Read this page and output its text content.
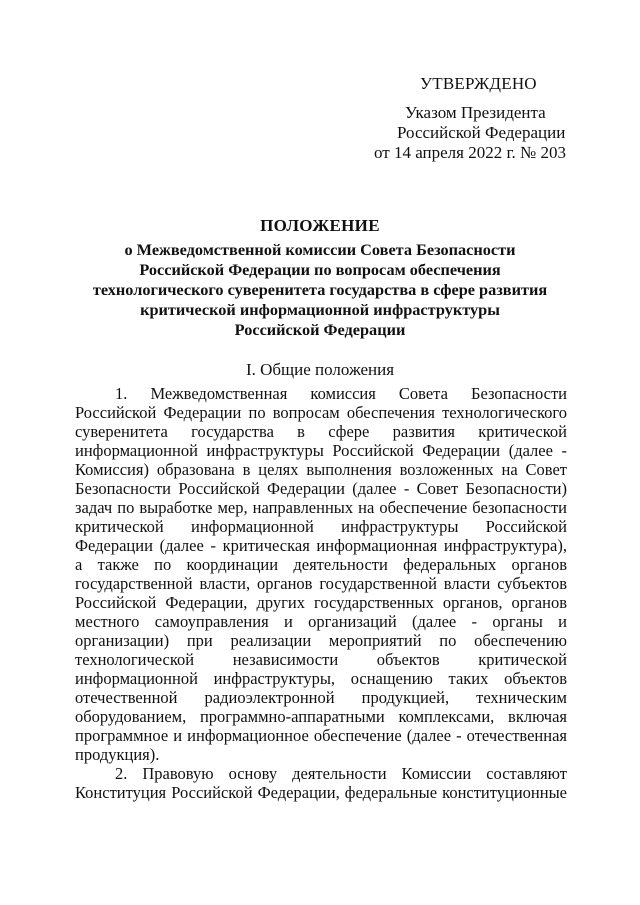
УТВЕРЖДЕНО
Указом Президента
Российской Федерации
от 14 апреля 2022 г. № 203
ПОЛОЖЕНИЕ
о Межведомственной комиссии Совета Безопасности
Российской Федерации по вопросам обеспечения
технологического суверенитета государства в сфере развития
критической информационной инфраструктуры
Российской Федерации
I. Общие положения
1. Межведомственная комиссия Совета Безопасности
Российской Федерации по вопросам обеспечения технологического
суверенитета государства в сфере развития критической
информационной инфраструктуры Российской Федерации (далее -
Комиссия) образована в целях выполнения возложенных на Совет
Безопасности Российской Федерации (далее - Совет Безопасности)
задач по выработке мер, направленных на обеспечение безопасности
критической информационной инфраструктуры Российской
Федерации (далее - критическая информационная инфраструктура),
а также по координации деятельности федеральных органов
государственной власти, органов государственной власти субъектов
Российской Федерации, других государственных органов, органов
местного самоуправления и организаций (далее - органы и
организации) при реализации мероприятий по обеспечению
технологической независимости объектов критической
информационной инфраструктуры, оснащению таких объектов
отечественной радиоэлектронной продукцией, техническим
оборудованием, программно-аппаратными комплексами, включая
программное и информационное обеспечение (далее - отечественная
продукция).
2. Правовую основу деятельности Комиссии составляют
Конституция Российской Федерации, федеральные конституционные
